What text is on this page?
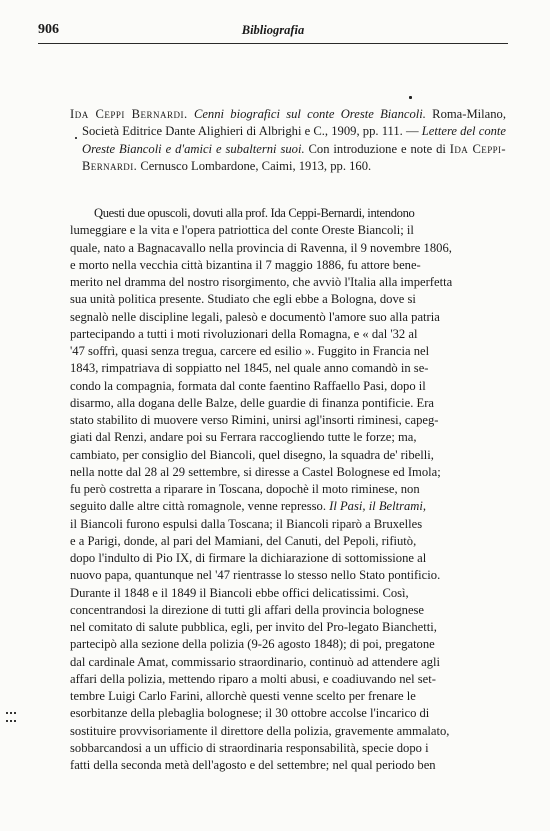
906	Bibliografia

Ida Ceppi Bernardi. Cenni biografici sul conte Oreste Biancoli. Roma-Milano, Società Editrice Dante Alighieri di Albrighi e C., 1909, pp. 111. — Lettere del conte Oreste Biancoli e d'amici e subalterni suoi. Con introduzione e note di Ida Ceppi-Bernardi. Cernusco Lombardone, Caimi, 1913, pp. 160.

Questi due opuscoli, dovuti alla prof. Ida Ceppi-Bernardi, intendono
lumeggiare e la vita e l'opera patriottica del conte Oreste Biancoli; il
quale, nato a Bagnacavallo nella provincia di Ravenna, il 9 novembre 1806,
e morto nella vecchia città bizantina il 7 maggio 1886, fu attore bene-
merito nel dramma del nostro risorgimento, che avviò l'Italia alla imperfetta
sua unità politica presente. Studiato che egli ebbe a Bologna, dove si
segnalò nelle discipline legali, palesò e documentò l'amore suo alla patria
partecipando a tutti i moti rivoluzionari della Romagna, e « dal '32 al
'47 soffrì, quasi senza tregua, carcere ed esilio ». Fuggito in Francia nel
1843, rimpatriava di soppiatto nel 1845, nel quale anno comandò in se-
condo la compagnia, formata dal conte faentino Raffaello Pasi, dopo il
disarmo, alla dogana delle Balze, delle guardie di finanza pontificie. Era
stato stabilito di muovere verso Rimini, unirsi agl'insorti riminesi, capeg-
giati dal Renzi, andare poi su Ferrara raccogliendo tutte le forze; ma,
cambiato, per consiglio del Biancoli, quel disegno, la squadra de' ribelli,
nella notte dal 28 al 29 settembre, si diresse a Castel Bolognese ed Imola;
fu però costretta a riparare in Toscana, dopochè il moto riminese, non
seguito dalle altre città romagnole, venne represso. Il Pasi, il Beltrami,
il Biancoli furono espulsi dalla Toscana; il Biancoli riparò a Bruxelles
e a Parigi, donde, al pari del Mamiani, del Canuti, del Pepoli, rifiutò,
dopo l'indulto di Pio IX, di firmare la dichiarazione di sottomissione al
nuovo papa, quantunque nel '47 rientrasse lo stesso nello Stato pontificio.
Durante il 1848 e il 1849 il Biancoli ebbe offici delicatissimi. Così,
concentrandosi la direzione di tutti gli affari della provincia bolognese
nel comitato di salute pubblica, egli, per invito del Pro-legato Bianchetti,
partecipò alla sezione della polizia (9-26 agosto 1848); di poi, pregatone
dal cardinale Amat, commissario straordinario, continuò ad attendere agli
affari della polizia, mettendo riparo a molti abusi, e coadiuvando nel set-
tembre Luigi Carlo Farini, allorchè questi venne scelto per frenare le
esorbitanze della plebaglia bolognese; il 30 ottobre accolse l'incarico di
sostituire provvisoriamente il direttore della polizia, gravemente ammalato,
sobbarcandosi a un ufficio di straordinaria responsabilità, specie dopo i
fatti della seconda metà dell'agosto e del settembre; nel qual periodo ben
